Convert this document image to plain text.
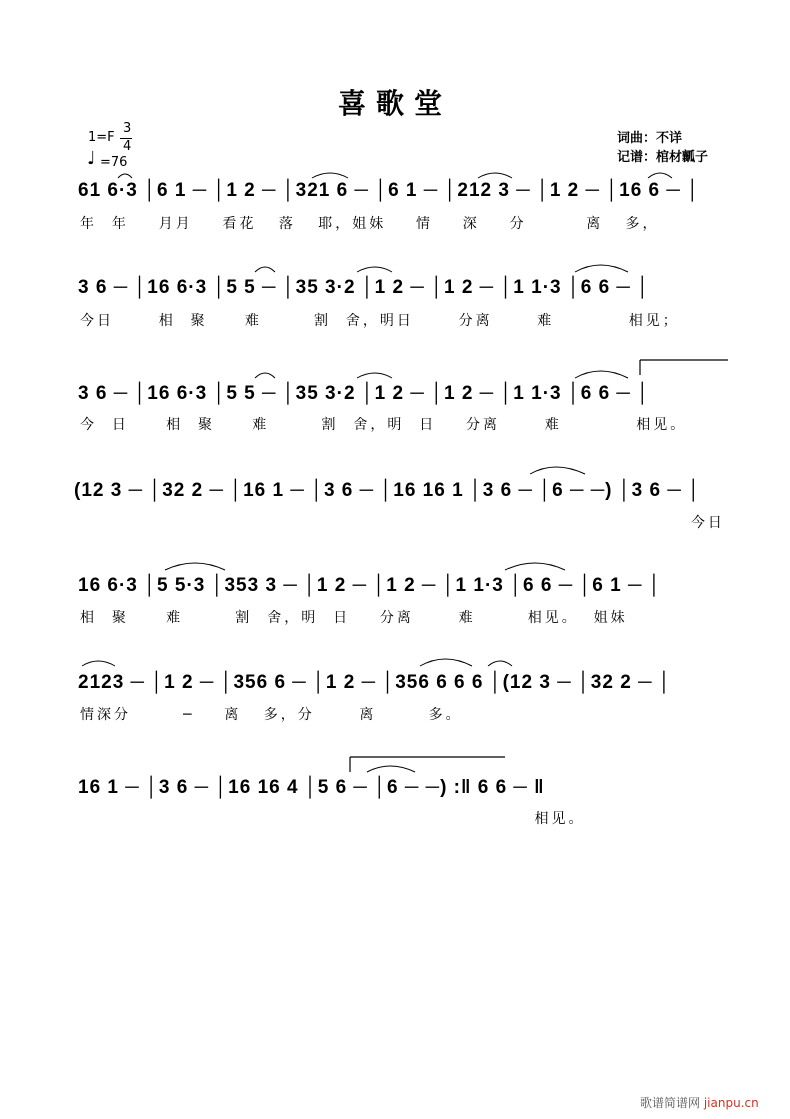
喜歌堂
1=F
3
4
♩ =76
词曲：不详
记谱：棺材瓤子
61 6·3 │6 1 ─ │1 2 ─ │321 6 ─ │6 1 ─ │212 3 ─ │1 2 ─ │16 6 ─ │
年  年    月月    看花   落   耶，姐妹    情    深    分        离   多，
3 6 ─ │16 6·3 │5 5 ─ │35 3·2 │1 2 ─ │1 2 ─ │1 1·3 │6 6 ─ │
今日      相  聚     难       割  舍，明日      分离      难          相见；
3 6 ─ │16 6·3 │5 5 ─ │35 3·2 │1 2 ─ │1 2 ─ │1 1·3 │6 6 ─ │
今  日     相  聚     难       割  舍，明  日    分离      难          相见。
(12 3 ─ │32 2 ─ │16 1 ─ │3 6 ─ │16 16 1 │3 6 ─ │6 ─ ─) │3 6 ─ │
今日
16 6·3 │5 5·3 │353 3 ─ │1 2 ─ │1 2 ─ │1 1·3 │6 6 ─ │6 1 ─ │
相  聚     难       割  舍，明  日    分离      难       相见。  姐妹
2123 ─ │1 2 ─ │356 6 ─ │1 2 ─ │356 6 6 6 │(12 3 ─ │32 2 ─ │
情深分       ─    离   多，分      离       多。
16 1 ─ │3 6 ─ │16 16 4 │5 6 ─ │6 ─ ─) :‖ 6 6 ─ ‖
相见。
歌谱简谱网 jianpu.cn
